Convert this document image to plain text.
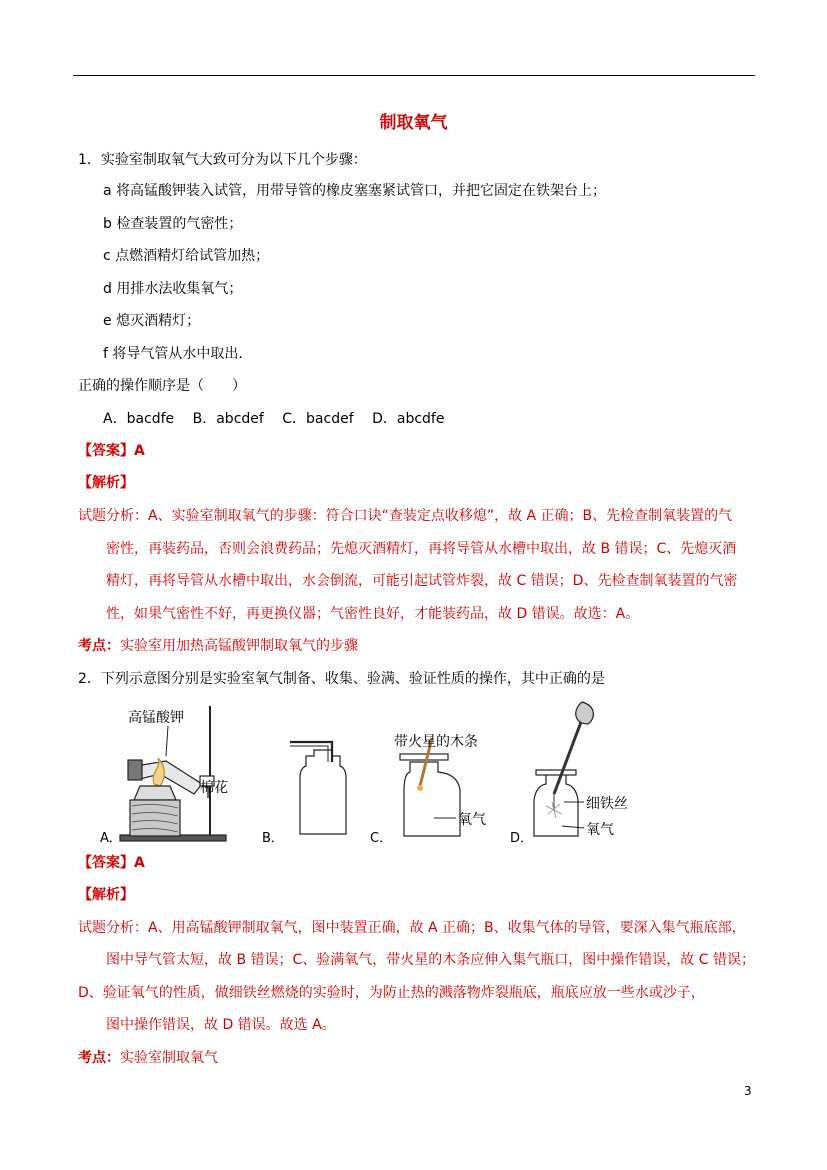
制取氧气
1．实验室制取氧气大致可分为以下几个步骤：
a 将高锰酸钾装入试管，用带导管的橡皮塞塞紧试管口，并把它固定在铁架台上；
b 检查装置的气密性；
c 点燃酒精灯给试管加热；
d 用排水法收集氧气；
e 熄灭酒精灯；
f 将导气管从水中取出．
正确的操作顺序是（　　）
A．bacdfe　 B．abcdef　 C．bacdef　 D．abcdfe
【答案】A
【解析】
试题分析：A、实验室制取氧气的步骤：符合口诀“查装定点收移熄”，故 A 正确；B、先检查制氧装置的气
密性，再装药品，否则会浪费药品；先熄灭酒精灯，再将导管从水槽中取出，故 B 错误；C、先熄灭酒
精灯，再将导管从水槽中取出，水会倒流，可能引起试管炸裂，故 C 错误；D、先检查制氧装置的气密
性，如果气密性不好，再更换仪器；气密性良好，才能装药品，故 D 错误。故选：A。
考点：实验室用加热高锰酸钾制取氧气的步骤
2．下列示意图分别是实验室氧气制备、收集、验满、验证性质的操作，其中正确的是
高锰酸钾
棉花
A．	B．
带火星的木条
氧气
C．
细铁丝
氧气
D．
【答案】A
【解析】
试题分析：A、用高锰酸钾制取氧气，图中装置正确，故 A 正确；B、收集气体的导管，要深入集气瓶底部，
图中导气管太短，故 B 错误；C、验满氧气，带火星的木条应伸入集气瓶口，图中操作错误，故 C 错误；
D、验证氧气的性质，做细铁丝燃烧的实验时，为防止热的溅落物炸裂瓶底，瓶底应放一些水或沙子，
图中操作错误，故 D 错误。故选 A。
考点：实验室制取氧气
3
